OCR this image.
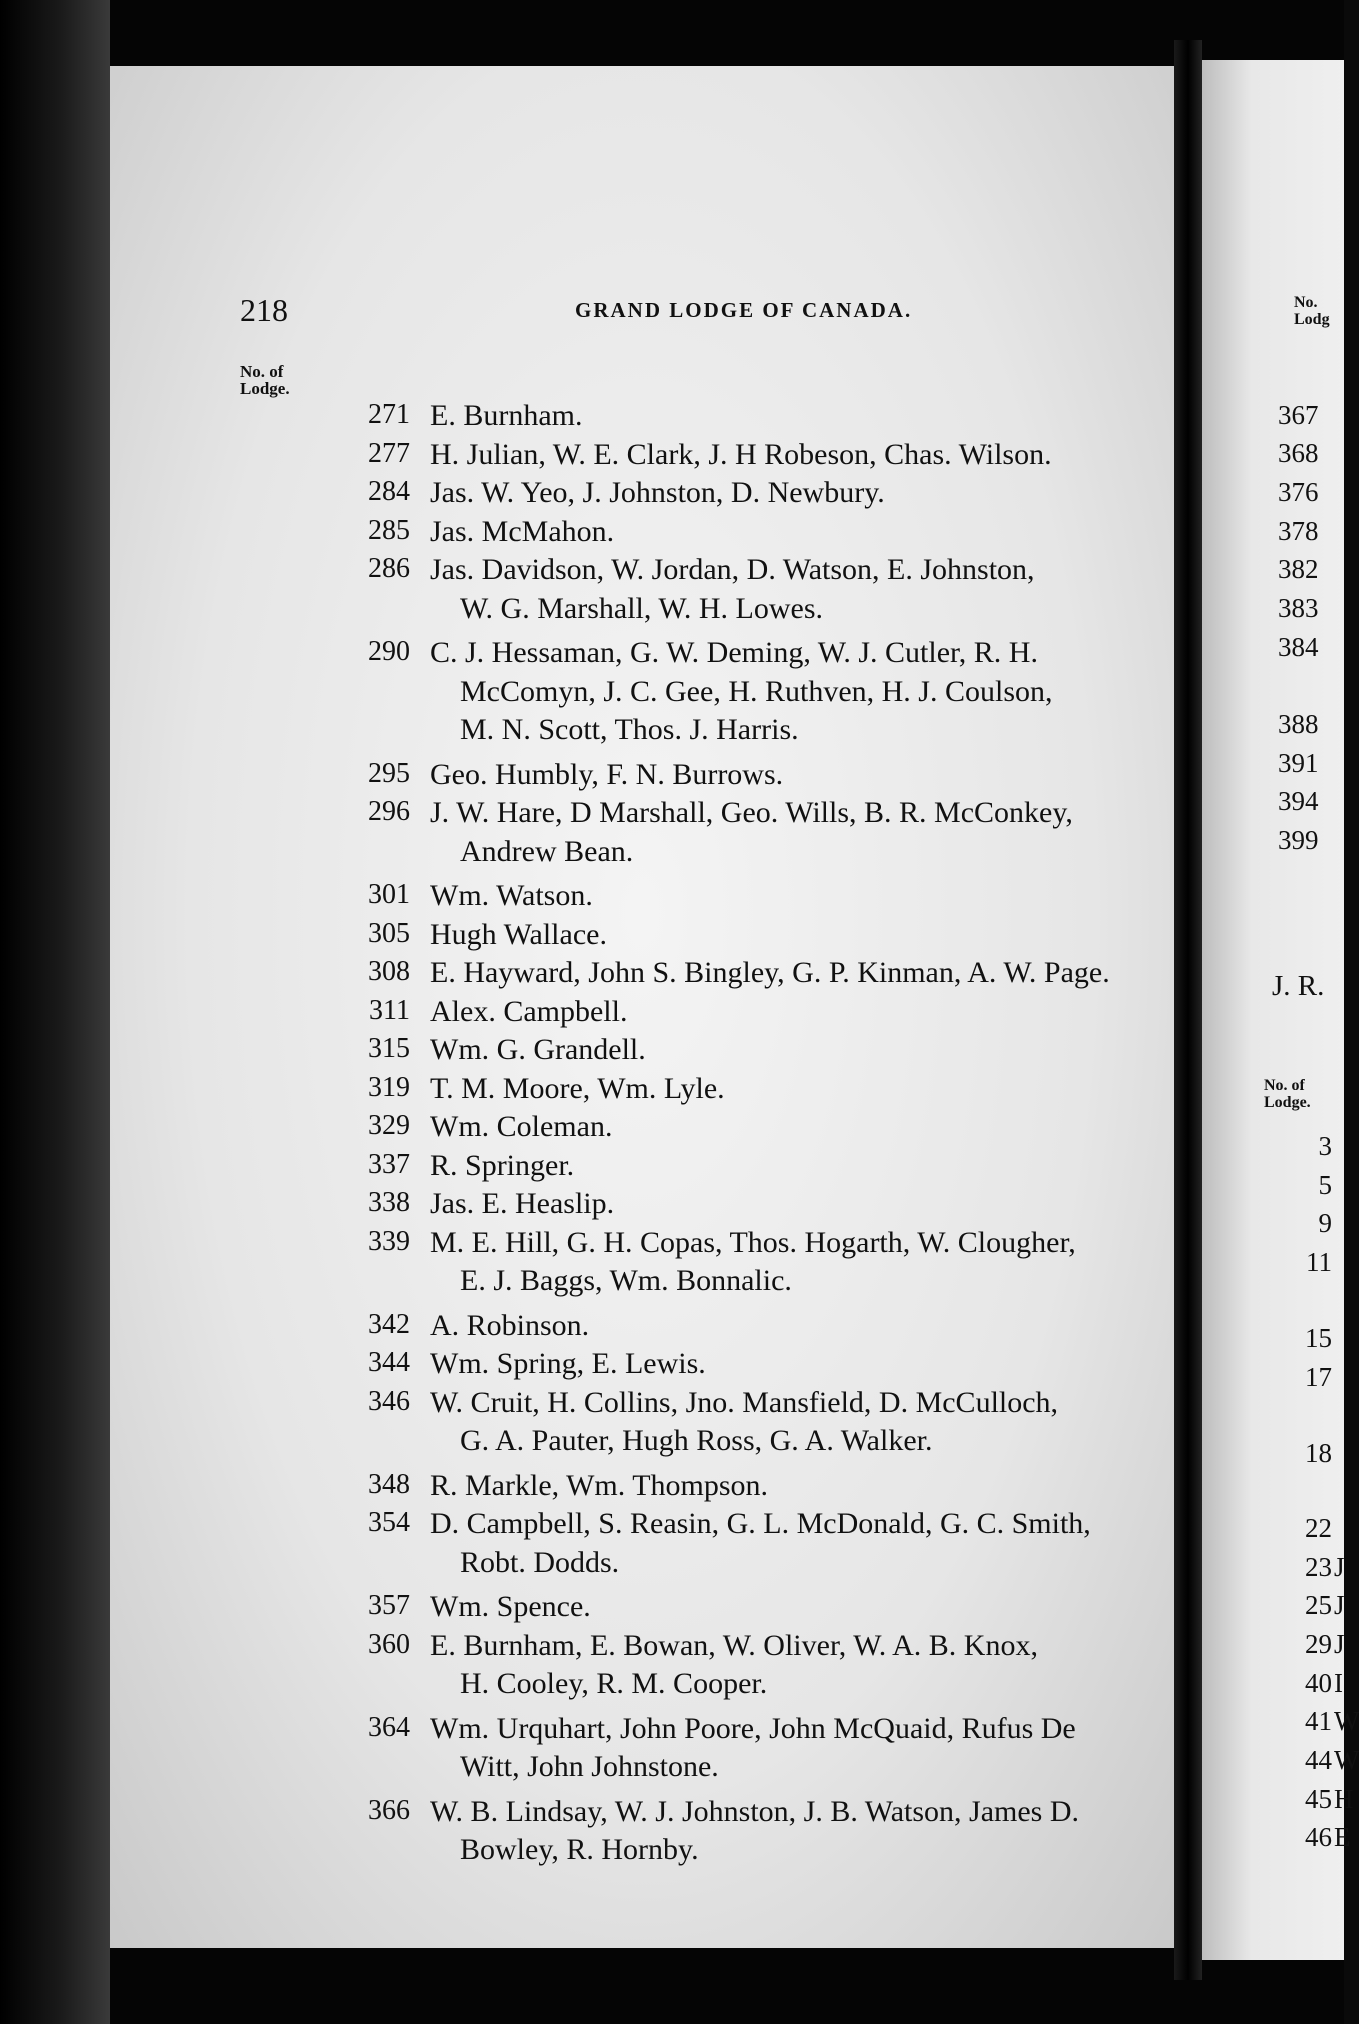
218	GRAND LODGE OF CANADA.
No. of
Lodge.
271 E. Burnham.
277 H. Julian, W. E. Clark, J. H Robeson, Chas. Wilson.
284 Jas. W. Yeo, J. Johnston, D. Newbury.
285 Jas. McMahon.
286 Jas. Davidson, W. Jordan, D. Watson, E. Johnston,
W. G. Marshall, W. H. Lowes.
290 C. J. Hessaman, G. W. Deming, W. J. Cutler, R. H.
McComyn, J. C. Gee, H. Ruthven, H. J. Coulson,
M. N. Scott, Thos. J. Harris.
295 Geo. Humbly, F. N. Burrows.
296 J. W. Hare, D Marshall, Geo. Wills, B. R. McConkey,
Andrew Bean.
301 Wm. Watson.
305 Hugh Wallace.
308 E. Hayward, John S. Bingley, G. P. Kinman, A. W. Page.
311 Alex. Campbell.
315 Wm. G. Grandell.
319 T. M. Moore, Wm. Lyle.
329 Wm. Coleman.
337 R. Springer.
338 Jas. E. Heaslip.
339 M. E. Hill, G. H. Copas, Thos. Hogarth, W. Clougher,
E. J. Baggs, Wm. Bonnalic.
342 A. Robinson.
344 Wm. Spring, E. Lewis.
346 W. Cruit, H. Collins, Jno. Mansfield, D. McCulloch,
G. A. Pauter, Hugh Ross, G. A. Walker.
348 R. Markle, Wm. Thompson.
354 D. Campbell, S. Reasin, G. L. McDonald, G. C. Smith,
Robt. Dodds.
357 Wm. Spence.
360 E. Burnham, E. Bowan, W. Oliver, W. A. B. Knox,
H. Cooley, R. M. Cooper.
364 Wm. Urquhart, John Poore, John McQuaid, Rufus De
Witt, John Johnstone.
366 W. B. Lindsay, W. J. Johnston, J. B. Watson, James D.
Bowley, R. Hornby.
No.
Lodg
367
368
376
378
382
383
384
388
391
394
399
J. R.
No. of
Lodge.
3
5
9
11
15
17
18
22
23
25
29
40
41
44
45
46
J
J
J
I
W
W
H
E
